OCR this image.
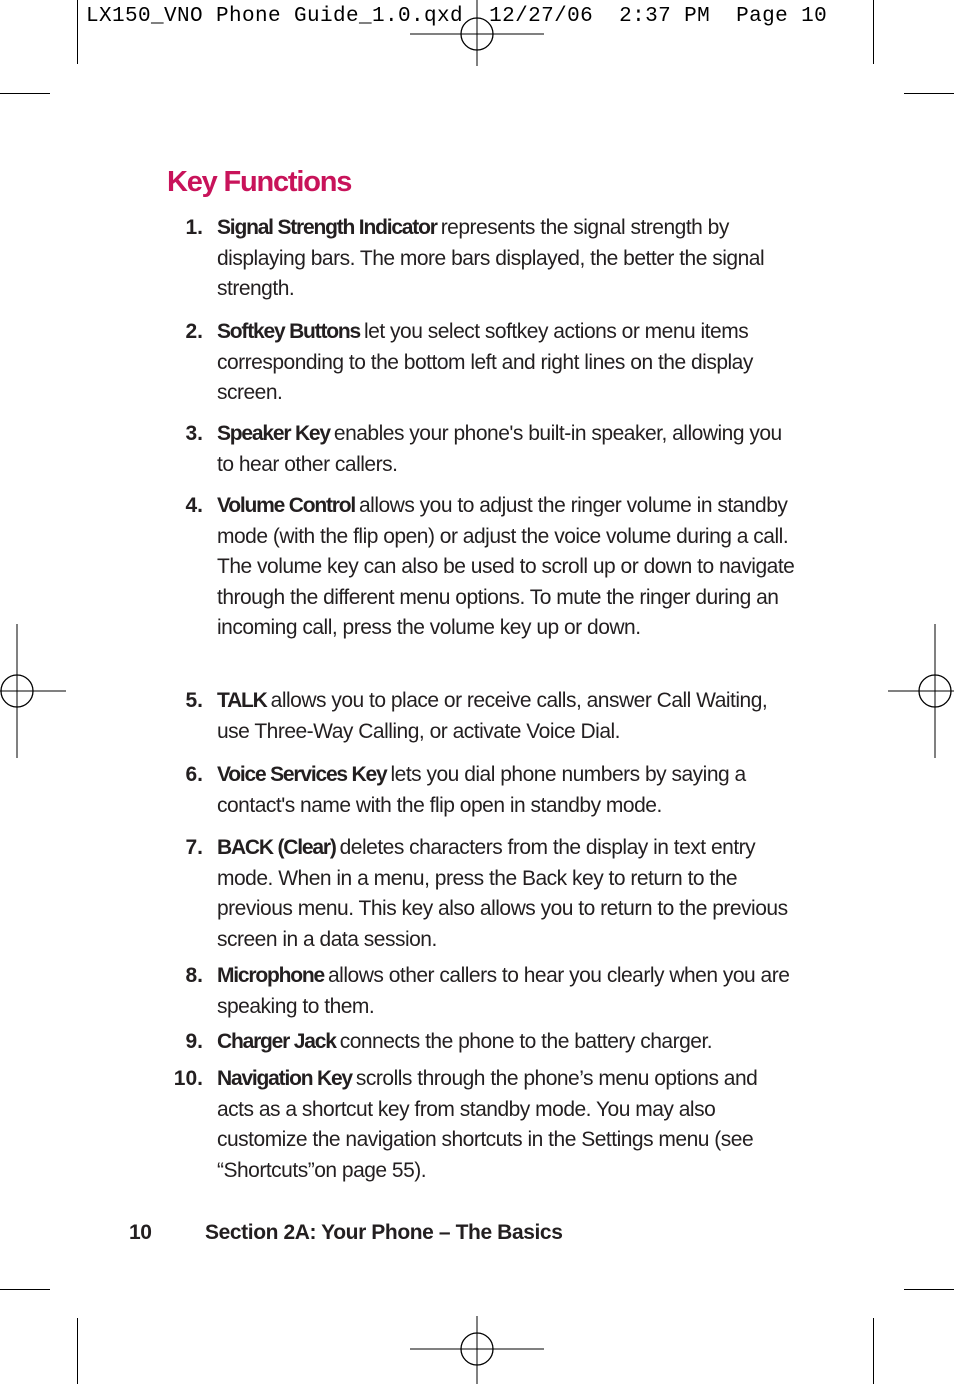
LX150_VNO Phone Guide_1.0.qxd  12/27/06  2:37 PM  Page 10
Key Functions
1. Signal Strength Indicator represents the signal strength by displaying bars. The more bars displayed, the better the signal strength.
2. Softkey Buttons let you select softkey actions or menu items corresponding to the bottom left and right lines on the display screen.
3. Speaker Key enables your phone's built-in speaker, allowing you to hear other callers.
4. Volume Control allows you to adjust the ringer volume in standby mode (with the flip open) or adjust the voice volume during a call. The volume key can also be used to scroll up or down to navigate through the different menu options. To mute the ringer during an incoming call, press the volume key up or down.
5. TALK allows you to place or receive calls, answer Call Waiting, use Three-Way Calling, or activate Voice Dial.
6. Voice Services Key lets you dial phone numbers by saying a contact's name with the flip open in standby mode.
7. BACK (Clear) deletes characters from the display in text entry mode. When in a menu, press the Back key to return to the previous menu. This key also allows you to return to the previous screen in a data session.
8. Microphone allows other callers to hear you clearly when you are speaking to them.
9. Charger Jack connects the phone to the battery charger.
10. Navigation Key scrolls through the phone’s menu options and acts as a shortcut key from standby mode. You may also customize the navigation shortcuts in the Settings menu (see “Shortcuts”on page 55).
10	Section 2A: Your Phone – The Basics
